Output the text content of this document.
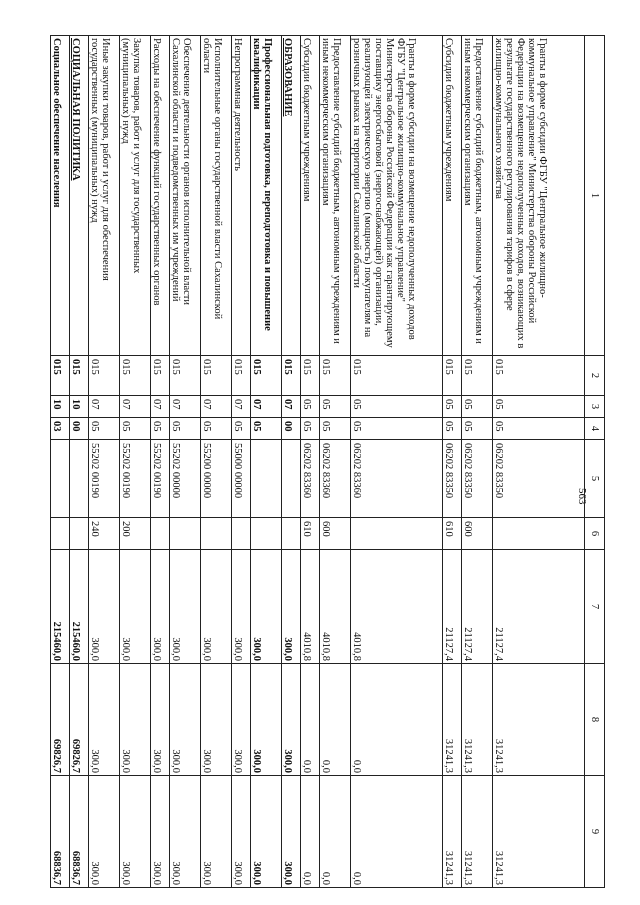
563
1	2	3	4	5	6	7	8	9
Гранты в форме субсидии ФГБУ "Центральное жилищно-коммунальное управление" Министерства обороны Российской Федерации на возмещение недополученных доходов, возникающих в результате государственного регулирования тарифов в сфере жилищно-коммунального хозяйства	015	05	05	06202 83350		21127,4	31241,3	31241,3
Предоставление субсидий бюджетным, автономным учреждениям и иным некоммерческим организациям	015	05	05	06202 83350	600	21127,4	31241,3	31241,3
Субсидии бюджетным учреждениям	015	05	05	06202 83350	610	21127,4	31241,3	31241,3
Гранты в форме субсидии на возмещение недополученных доходов ФГБУ "Центральное жилищно-коммунальное управление" Министерства обороны Российской Федерации как гарантирующему поставщику энергосбытовой (энергоснабжающей) организации, реализующей электрическую энергию (мощность) покупателям на розничных рынках на территории Сахалинской области	015	05	05	06202 83360		4010,8	0,0	0,0
Предоставление субсидий бюджетным, автономным учреждениям и иным некоммерческим организациям	015	05	05	06202 83360	600	4010,8	0,0	0,0
Субсидии бюджетным учреждениям	015	05	05	06202 83360	610	4010,8	0,0	0,0
ОБРАЗОВАНИЕ	015	07	00			300,0	300,0	300,0
Профессиональная подготовка, переподготовка и повышение квалификации	015	07	05			300,0	300,0	300,0
Непрограммная деятельность	015	07	05	55000 00000		300,0	300,0	300,0
Исполнительные органы государственной власти Сахалинской области	015	07	05	55200 00000		300,0	300,0	300,0
Обеспечение деятельности органов исполнительной власти Сахалинской области и подведомственных им учреждений	015	07	05	55202 00000		300,0	300,0	300,0
Расходы на обеспечение функций государственных органов	015	07	05	55202 00190		300,0	300,0	300,0
Закупка товаров, работ и услуг для государственных (муниципальных) нужд	015	07	05	55202 00190	200	300,0	300,0	300,0
Иные закупки товаров, работ и услуг для обеспечения государственных (муниципальных) нужд	015	07	05	55202 00190	240	300,0	300,0	300,0
СОЦИАЛЬНАЯ ПОЛИТИКА	015	10	00			215460,0	69826,7	68836,7
Социальное обеспечение населения	015	10	03			215460,0	69826,7	68836,7
